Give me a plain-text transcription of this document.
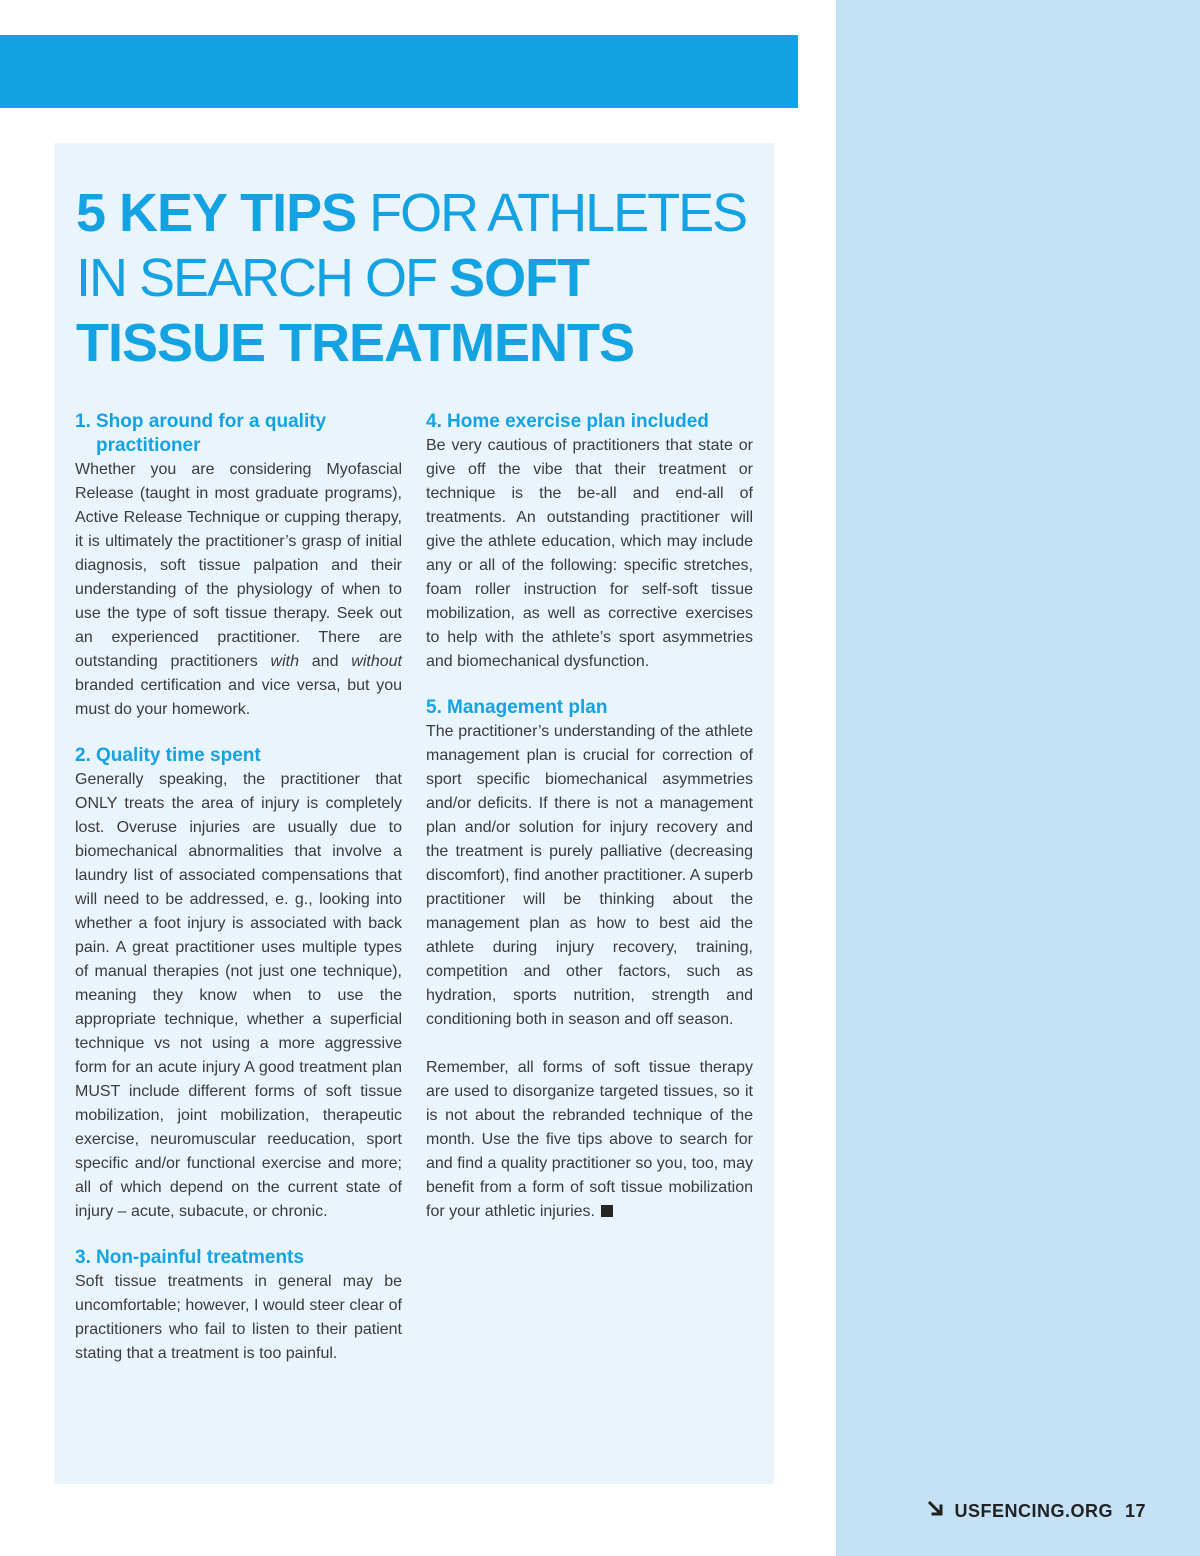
5 KEY TIPS FOR ATHLETES IN SEARCH OF SOFT TISSUE TREATMENTS
1. Shop around for a quality practitioner

Whether you are considering Myofascial Release (taught in most graduate programs), Active Release Technique or cupping therapy, it is ultimately the practitioner’s grasp of initial diagnosis, soft tissue palpation and their understanding of the physiology of when to use the type of soft tissue therapy. Seek out an experienced practitioner. There are outstanding practitioners with and without branded certification and vice versa, but you must do your homework.

2. Quality time spent

Generally speaking, the practitioner that ONLY treats the area of injury is completely lost. Overuse injuries are usually due to biomechanical abnormalities that involve a laundry list of associated compensations that will need to be addressed, e. g., looking into whether a foot injury is associated with back pain. A great practitioner uses multiple types of manual therapies (not just one technique), meaning they know when to use the appropriate technique, whether a superficial technique vs not using a more aggressive form for an acute injury A good treatment plan MUST include different forms of soft tissue mobilization, joint mobilization, therapeutic exercise, neuromuscular reeducation, sport specific and/or functional exercise and more; all of which depend on the current state of injury – acute, subacute, or chronic.

3. Non-painful treatments

Soft tissue treatments in general may be uncomfortable; however, I would steer clear of practitioners who fail to listen to their patient stating that a treatment is too painful.

4. Home exercise plan included

Be very cautious of practitioners that state or give off the vibe that their treatment or technique is the be-all and end-all of treatments. An outstanding practitioner will give the athlete education, which may include any or all of the following: specific stretches, foam roller instruction for self-soft tissue mobilization, as well as corrective exercises to help with the athlete’s sport asymmetries and biomechanical dysfunction.

5. Management plan

The practitioner’s understanding of the athlete management plan is crucial for correction of sport specific biomechanical asymmetries and/or deficits. If there is not a management plan and/or solution for injury recovery and the treatment is purely palliative (decreasing discomfort), find another practitioner. A superb practitioner will be thinking about the management plan as how to best aid the athlete during injury recovery, training, competition and other factors, such as hydration, sports nutrition, strength and conditioning both in season and off season.

Remember, all forms of soft tissue therapy are used to disorganize targeted tissues, so it is not about the rebranded technique of the month. Use the five tips above to search for and find a quality practitioner so you, too, may benefit from a form of soft tissue mobilization for your athletic injuries.

USFENCING.ORG 17
